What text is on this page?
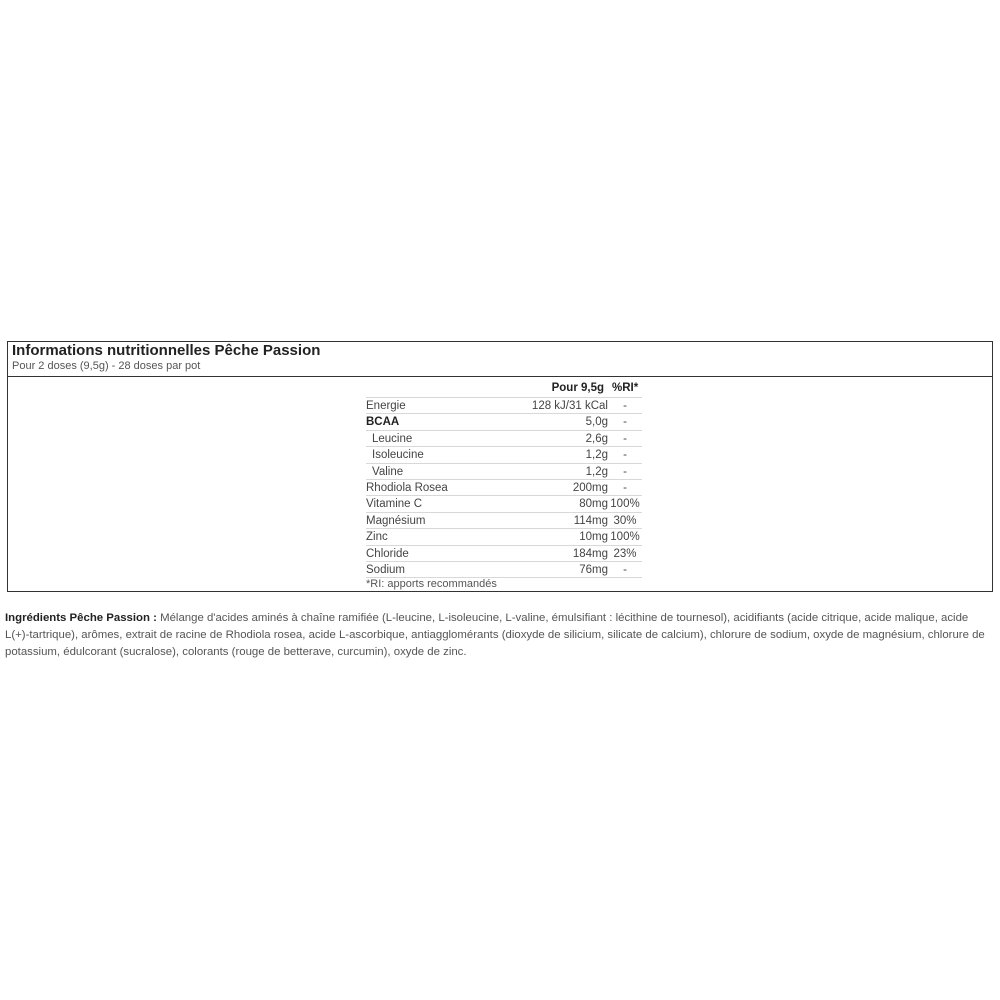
Informations nutritionnelles Pêche Passion
Pour 2 doses (9,5g) - 28 doses par pot
Pour 9,5g %RI*
Energie	128 kJ/31 kCal	-
BCAA	5,0g	-
Leucine	2,6g	-
Isoleucine	1,2g	-
Valine	1,2g	-
Rhodiola Rosea	200mg	-
Vitamine C	80mg 100%
Magnésium	114mg 30%
Zinc	10mg 100%
Chloride	184mg 23%
Sodium	76mg	-
*RI: apports recommandés
Ingrédients Pêche Passion : Mélange d'acides aminés à chaîne ramifiée (L-leucine, L-isoleucine, L-valine, émulsifiant : lécithine de tournesol), acidifiants (acide citrique, acide malique, acide L(+)-tartrique), arômes, extrait de racine de Rhodiola rosea, acide L-ascorbique, antiagglomérants (dioxyde de silicium, silicate de calcium), chlorure de sodium, oxyde de magnésium, chlorure de potassium, édulcorant (sucralose), colorants (rouge de betterave, curcumin), oxyde de zinc.
